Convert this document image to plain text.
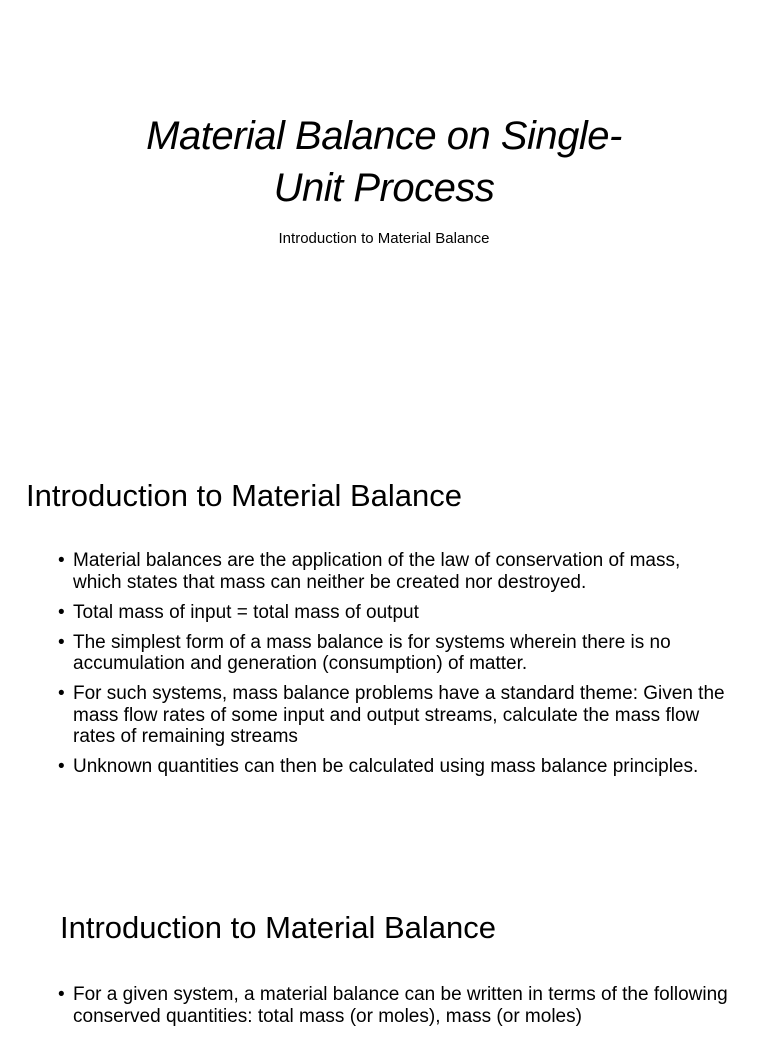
Material Balance on Single-
Unit Process
Introduction to Material Balance
Introduction to Material Balance
• Material balances are the application of the law of conservation of mass, which states that mass can neither be created nor destroyed.
• Total mass of input = total mass of output
• The simplest form of a mass balance is for systems wherein there is no accumulation and generation (consumption) of matter.
• For such systems, mass balance problems have a standard theme: Given the mass flow rates of some input and output streams, calculate the mass flow rates of remaining streams
• Unknown quantities can then be calculated using mass balance principles.
Introduction to Material Balance
• For a given system, a material balance can be written in terms of the following conserved quantities: total mass (or moles), mass (or moles)
